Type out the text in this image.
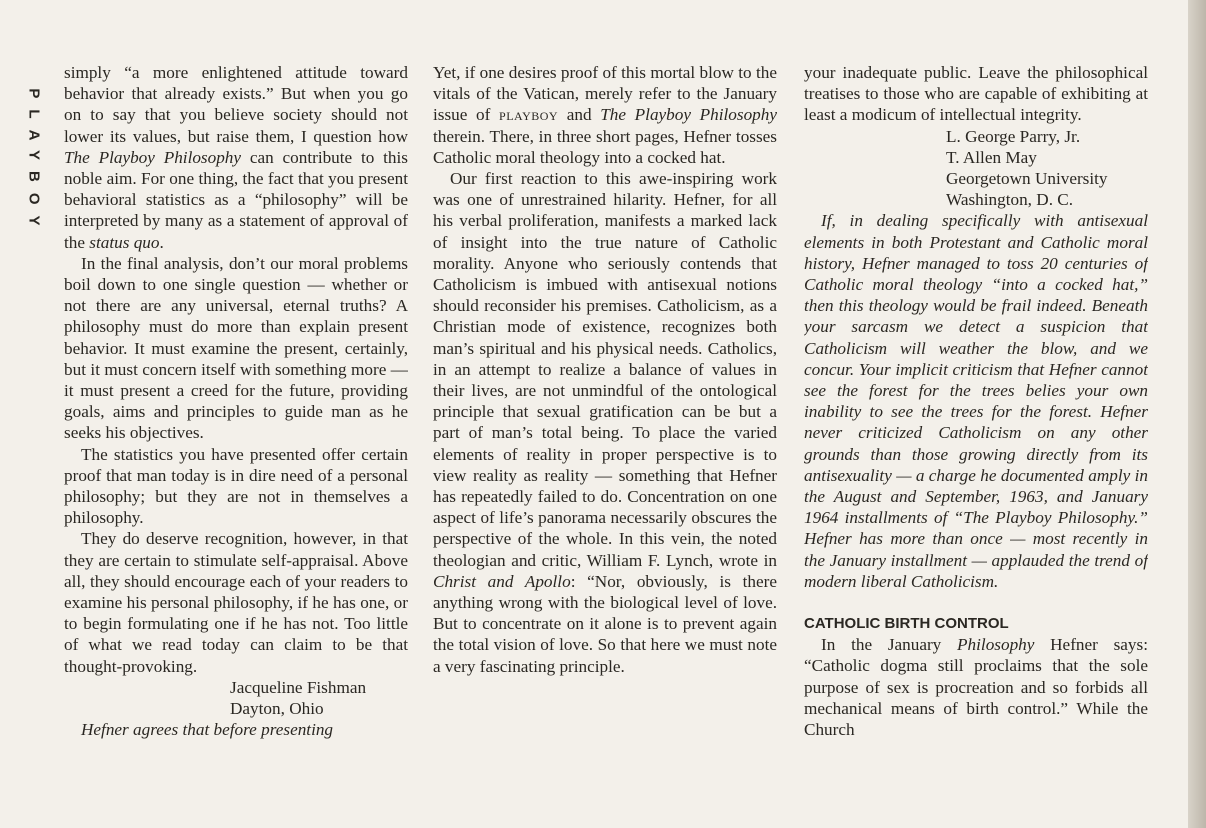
PLAYBOY

simply “a more enlightened attitude toward behavior that already exists.” But when you go on to say that you believe society should not lower its values, but raise them, I question how The Playboy Philosophy can contribute to this noble aim. For one thing, the fact that you present behavioral statistics as a “philosophy” will be interpreted by many as a statement of approval of the status quo.

In the final analysis, don’t our moral problems boil down to one single question — whether or not there are any universal, eternal truths? A philosophy must do more than explain present behavior. It must examine the present, certainly, but it must concern itself with something more — it must present a creed for the future, providing goals, aims and principles to guide man as he seeks his objectives.

The statistics you have presented offer certain proof that man today is in dire need of a personal philosophy; but they are not in themselves a philosophy.

They do deserve recognition, however, in that they are certain to stimulate self-appraisal. Above all, they should encourage each of your readers to examine his personal philosophy, if he has one, or to begin formulating one if he has not. Too little of what we read today can claim to be that thought-provoking.

Jacqueline Fishman

Dayton, Ohio

Hefner agrees that before presenting

Yet, if one desires proof of this mortal blow to the vitals of the Vatican, merely refer to the January issue of playboy and The Playboy Philosophy therein. There, in three short pages, Hefner tosses Catholic moral theology into a cocked hat.

Our first reaction to this awe-inspiring work was one of unrestrained hilarity. Hefner, for all his verbal proliferation, manifests a marked lack of insight into the true nature of Catholic morality. Anyone who seriously contends that Catholicism is imbued with antisexual notions should reconsider his premises. Catholicism, as a Christian mode of existence, recognizes both man’s spiritual and his physical needs. Catholics, in an attempt to realize a balance of values in their lives, are not unmindful of the ontological principle that sexual gratification can be but a part of man’s total being. To place the varied elements of reality in proper perspective is to view reality as reality — something that Hefner has repeatedly failed to do. Concentration on one aspect of life’s panorama necessarily obscures the perspective of the whole. In this vein, the noted theologian and critic, William F. Lynch, wrote in Christ and Apollo: “Nor, obviously, is there anything wrong with the biological level of love. But to concentrate on it alone is to prevent again the total vision of love. So that here we must note a very fascinating principle.

your inadequate public. Leave the philosophical treatises to those who are capable of exhibiting at least a modicum of intellectual integrity.

L. George Parry, Jr.

T. Allen May

Georgetown University

Washington, D. C.

If, in dealing specifically with antisexual elements in both Protestant and Catholic moral history, Hefner managed to toss 20 centuries of Catholic moral theology “into a cocked hat,” then this theology would be frail indeed. Beneath your sarcasm we detect a suspicion that Catholicism will weather the blow, and we concur. Your implicit criticism that Hefner cannot see the forest for the trees belies your own inability to see the trees for the forest. Hefner never criticized Catholicism on any other grounds than those growing directly from its antisexuality — a charge he documented amply in the August and September, 1963, and January 1964 installments of “The Playboy Philosophy.” Hefner has more than once — most recently in the January installment — applauded the trend of modern liberal Catholicism.

CATHOLIC BIRTH CONTROL

In the January Philosophy Hefner says: “Catholic dogma still proclaims that the sole purpose of sex is procreation and so forbids all mechanical means of birth control.” While the Church
